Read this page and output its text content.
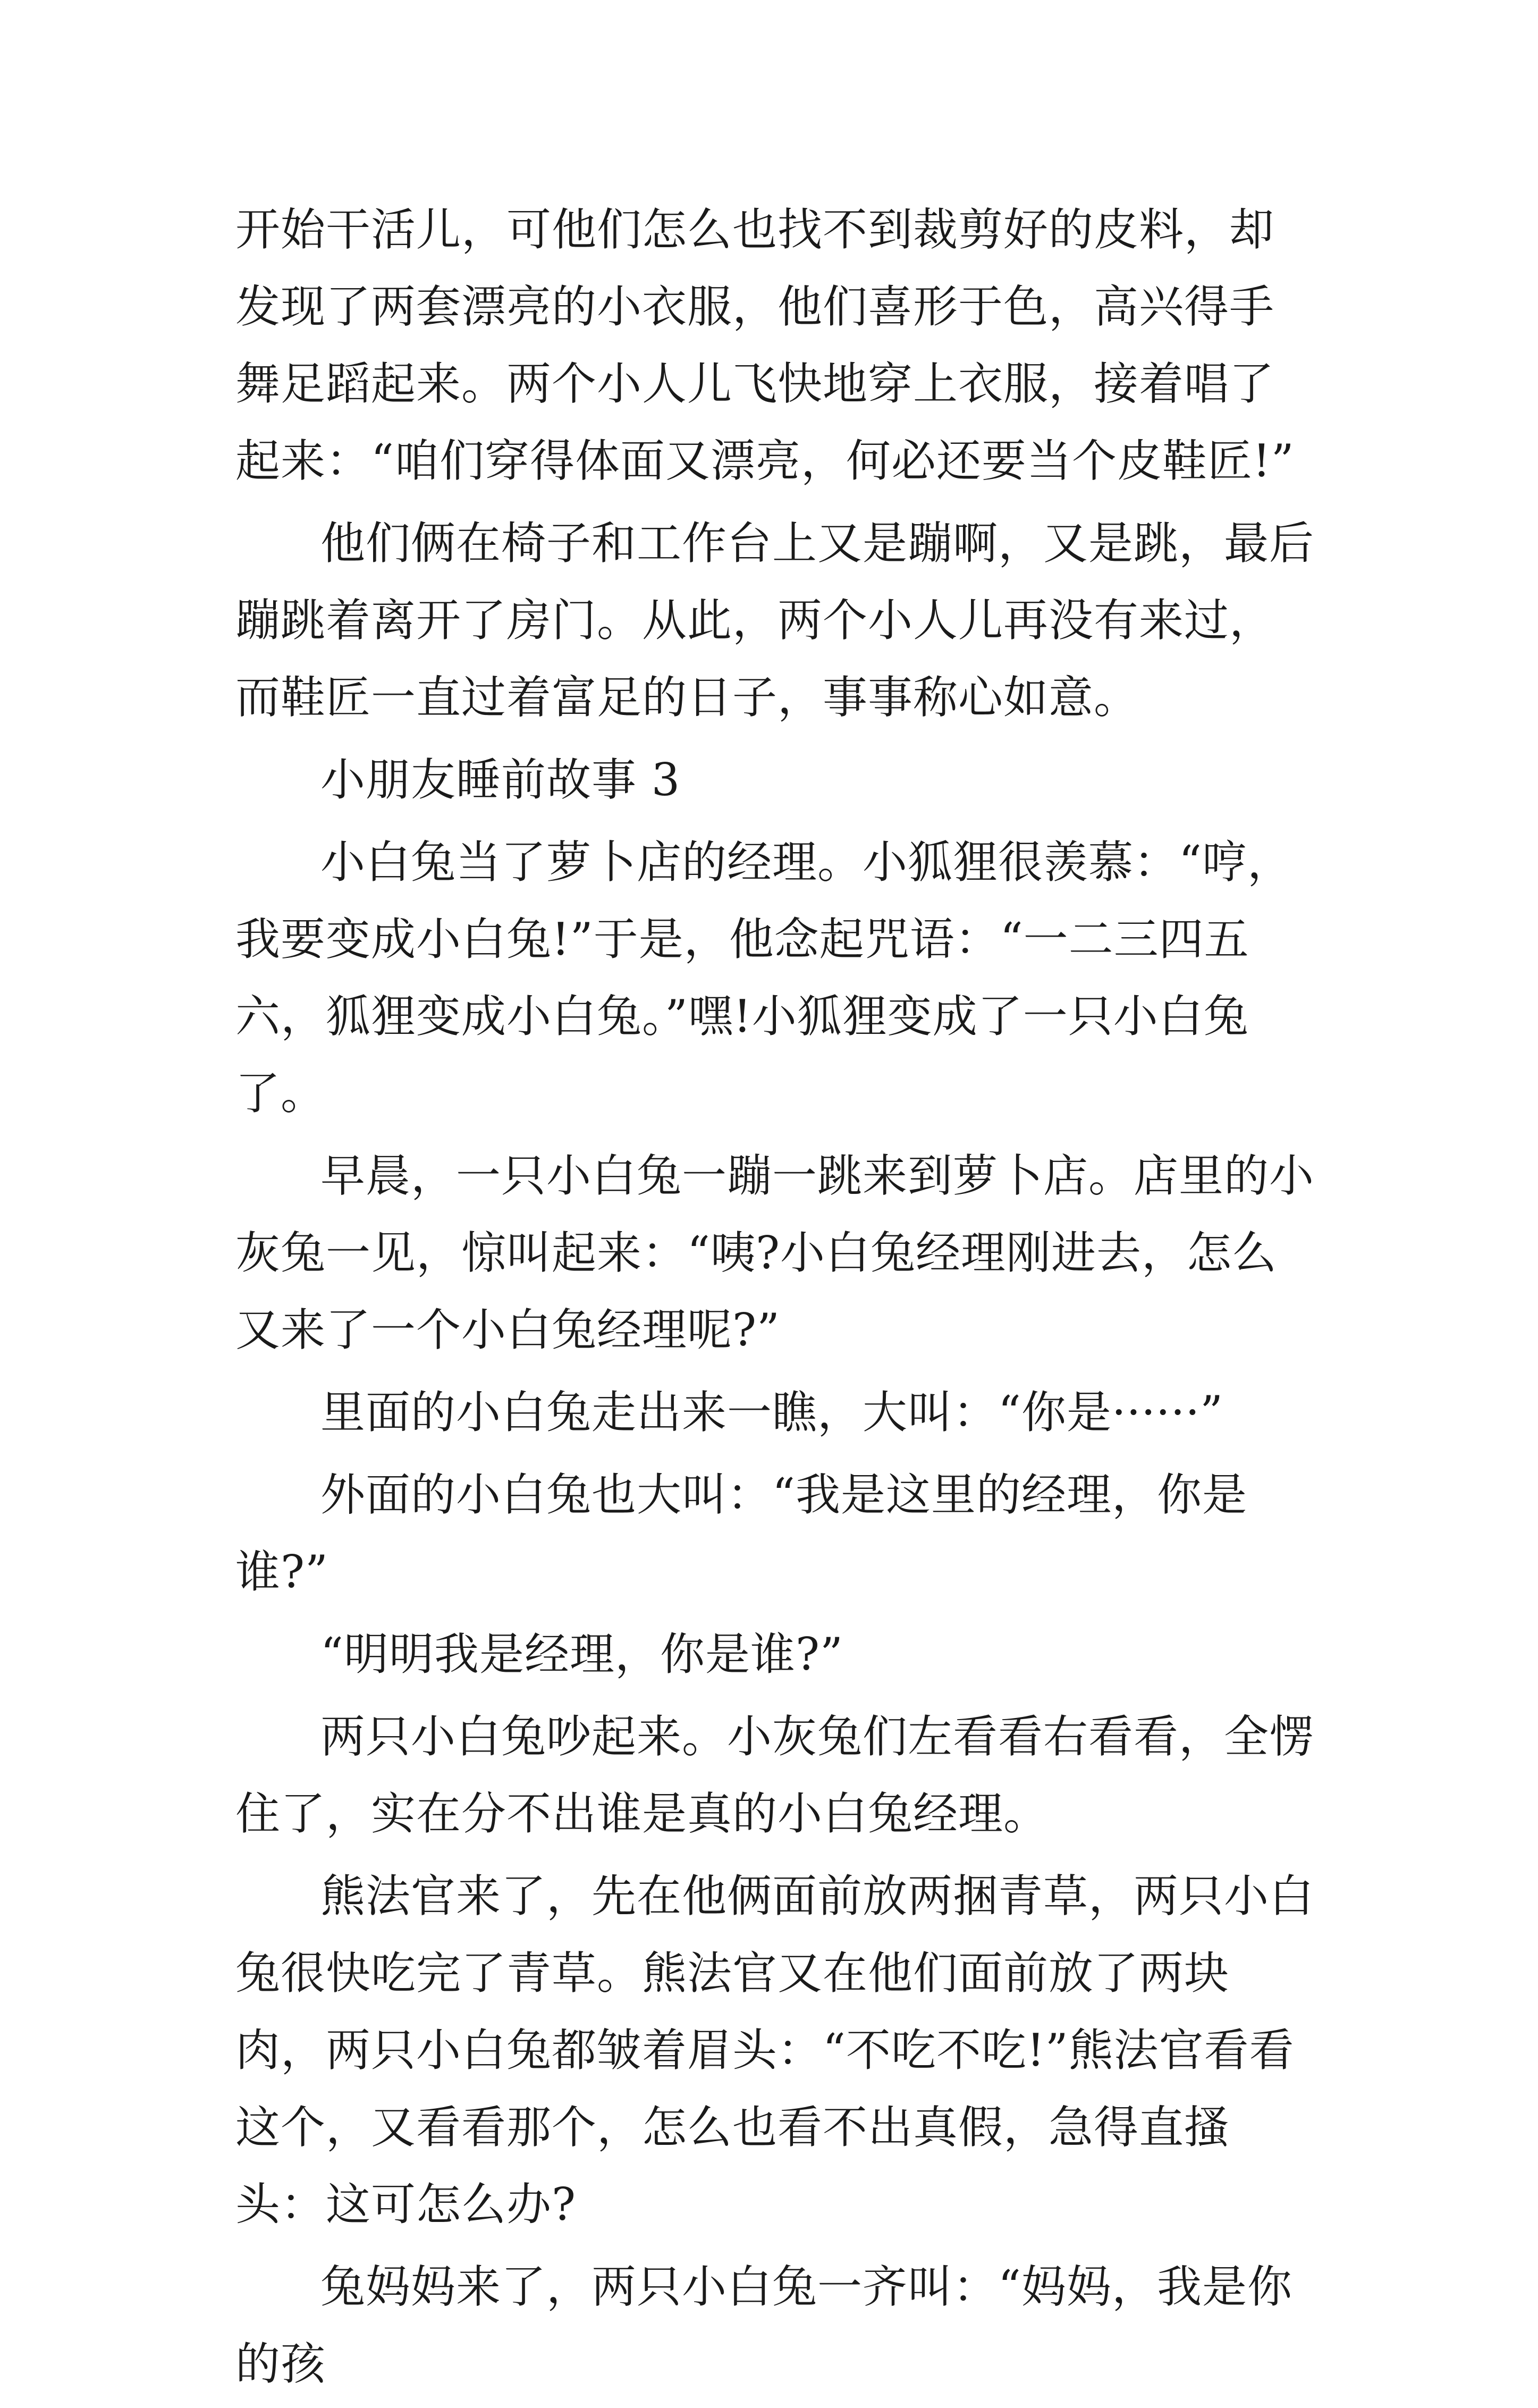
开始干活儿，可他们怎么也找不到裁剪好的皮料，却发现了两套漂亮的小衣服，他们喜形于色，高兴得手舞足蹈起来。两个小人儿飞快地穿上衣服，接着唱了起来：“咱们穿得体面又漂亮，何必还要当个皮鞋匠!”

他们俩在椅子和工作台上又是蹦啊，又是跳，最后蹦跳着离开了房门。从此，两个小人儿再没有来过，而鞋匠一直过着富足的日子，事事称心如意。

小朋友睡前故事 3

小白兔当了萝卜店的经理。小狐狸很羡慕：“哼，我要变成小白兔!”于是，他念起咒语：“一二三四五六，狐狸变成小白兔。”嘿!小狐狸变成了一只小白兔了。

早晨，一只小白兔一蹦一跳来到萝卜店。店里的小灰兔一见，惊叫起来：“咦?小白兔经理刚进去，怎么又来了一个小白兔经理呢?”

里面的小白兔走出来一瞧，大叫：“你是······”

外面的小白兔也大叫：“我是这里的经理，你是谁?”

“明明我是经理，你是谁?”

两只小白兔吵起来。小灰兔们左看看右看看，全愣住了，实在分不出谁是真的小白兔经理。

熊法官来了，先在他俩面前放两捆青草，两只小白兔很快吃完了青草。熊法官又在他们面前放了两块肉，两只小白兔都皱着眉头：“不吃不吃!”熊法官看看这个，又看看那个，怎么也看不出真假，急得直搔头：这可怎么办?

兔妈妈来了，两只小白兔一齐叫：“妈妈，我是你的孩
